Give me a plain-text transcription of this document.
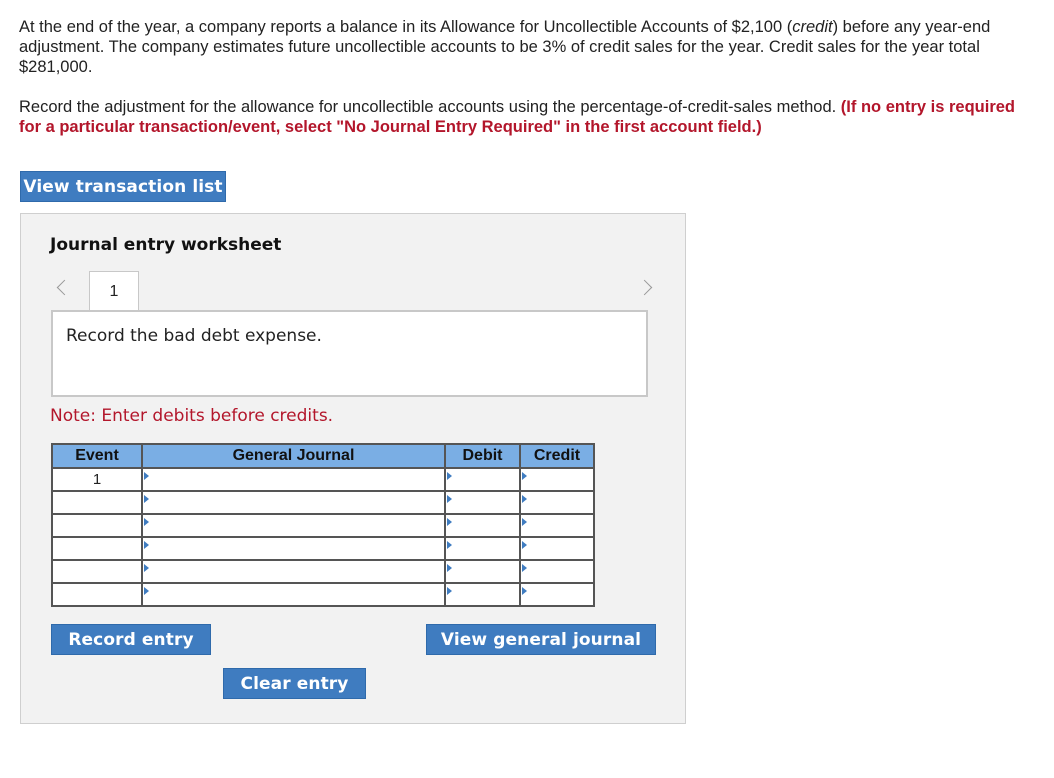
At the end of the year, a company reports a balance in its Allowance for Uncollectible Accounts of $2,100 (credit) before any year-end adjustment. The company estimates future uncollectible accounts to be 3% of credit sales for the year. Credit sales for the year total $281,000.

Record the adjustment for the allowance for uncollectible accounts using the percentage-of-credit-sales method. (If no entry is required for a particular transaction/event, select "No Journal Entry Required" in the first account field.)

View transaction list
Journal entry worksheet
1
Record the bad debt expense.
Note: Enter debits before credits.
Event	General Journal	Debit	Credit
1	

Record entry	View general journal
Clear entry
